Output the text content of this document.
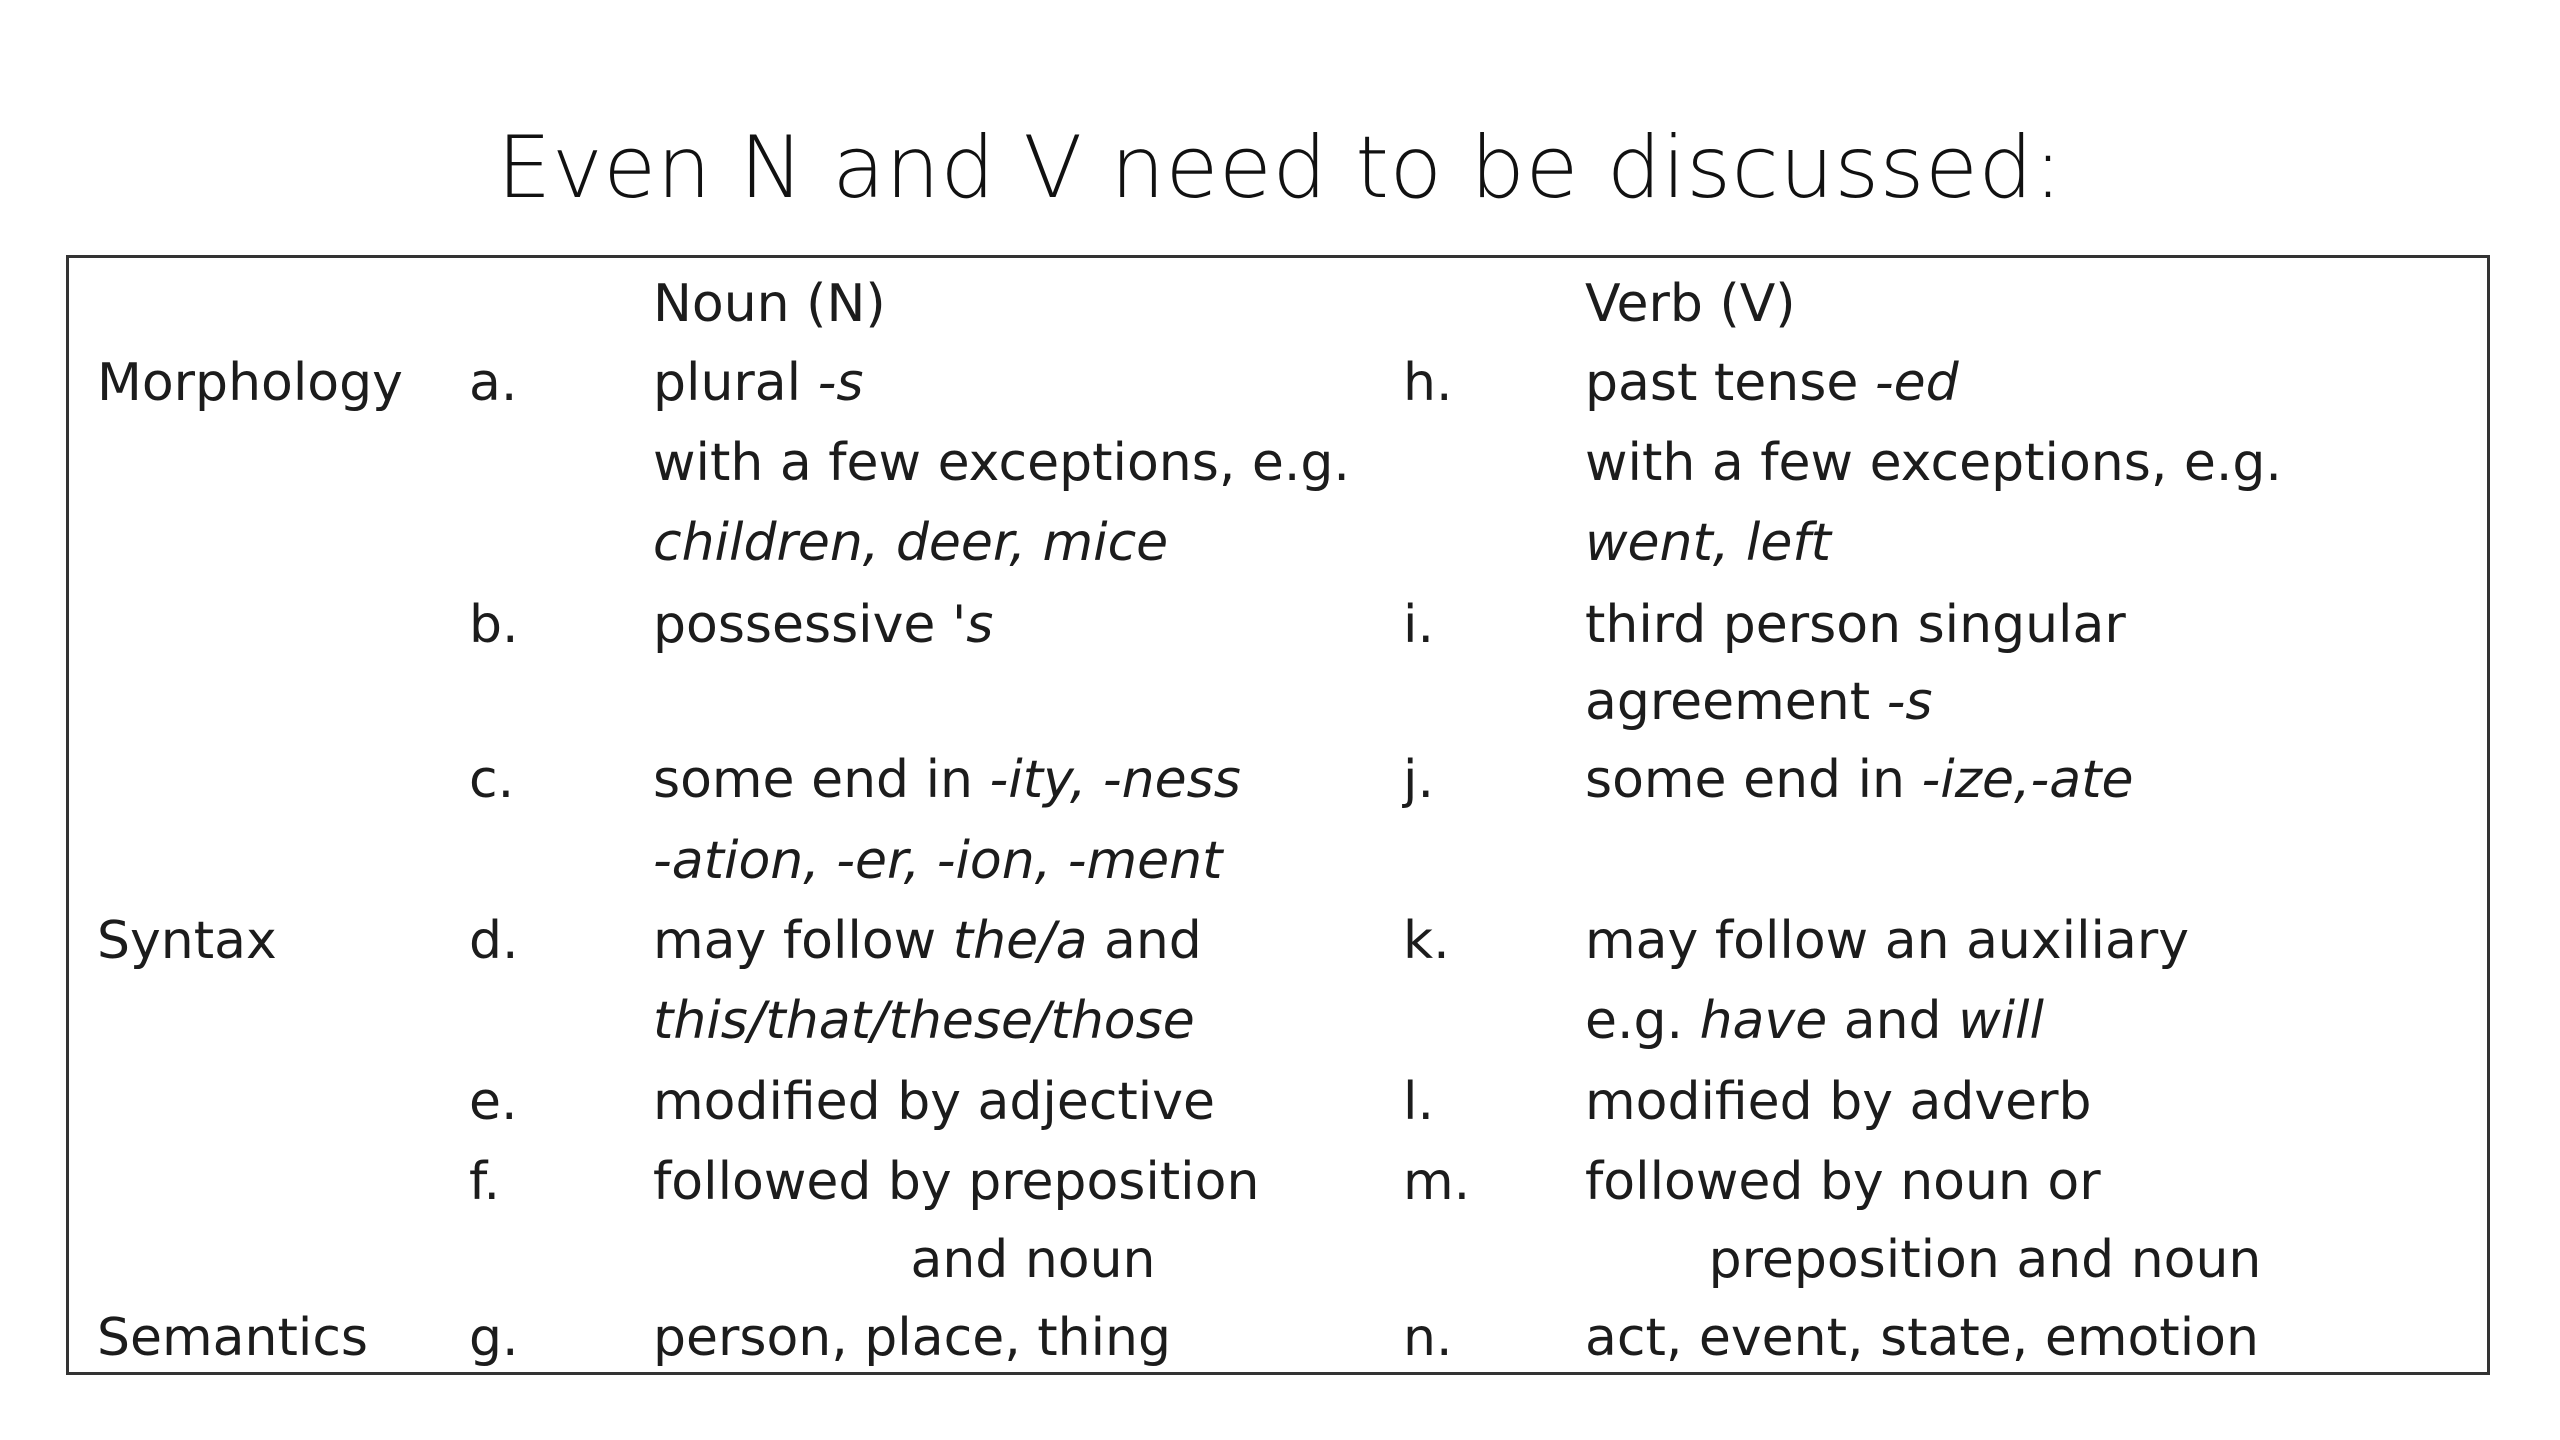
Even N and V need to be discussed:
Noun (N)	Verb (V)
Morphology a.	plural -s	h.	past tense -ed
with a few exceptions, e.g.	with a few exceptions, e.g.
children, deer, mice	went, left
b.	possessive 's	i.	third person singular
agreement -s
c.	some end in -ity, -ness	j.	some end in -ize,-ate
-ation, -er, -ion, -ment
Syntax	d.	may follow the/a and	k.	may follow an auxiliary
this/that/these/those	e.g. have and will
e.	modified by adjective	l.	modified by adverb
f.	followed by preposition	m. followed by noun or
and noun	preposition and noun
Semantics g.	person, place, thing	n.	act, event, state, emotion
